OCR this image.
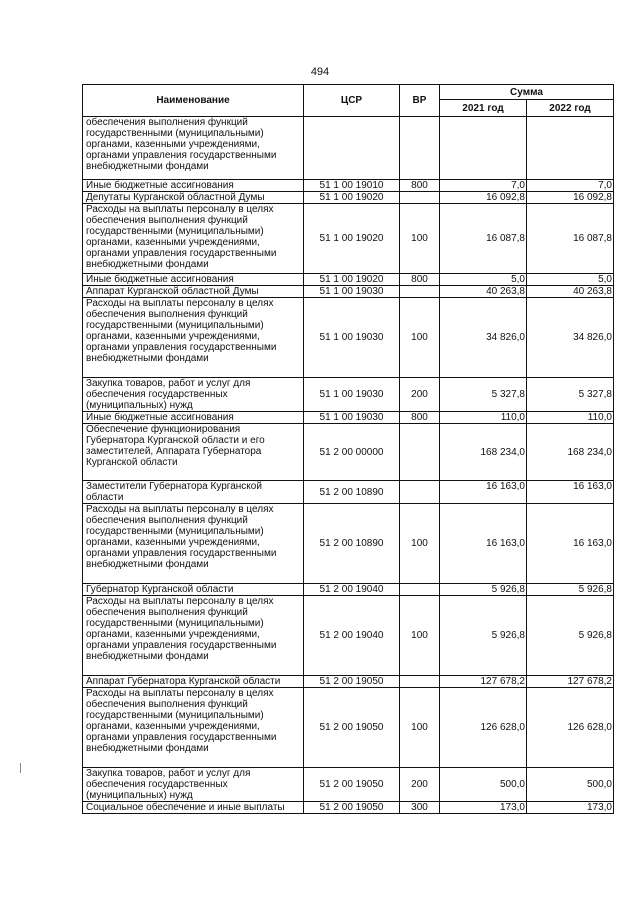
494
Наименование	ЦСР	ВР	Сумма	
			2021 год	2022 год
обеспечения выполнения функций государственными (муниципальными) органами, казенными учреждениями, органами управления государственными внебюджетными фондами				
Иные бюджетные ассигнования	51 1 00 19010	800	7,0	7,0
Депутаты Курганской областной Думы	51 1 00 19020		16 092,8	16 092,8
Расходы на выплаты персоналу в целях обеспечения выполнения функций государственными (муниципальными) органами, казенными учреждениями, органами управления государственными внебюджетными фондами	51 1 00 19020	100	16 087,8	16 087,8
Иные бюджетные ассигнования	51 1 00 19020	800	5,0	5,0
Аппарат Курганской областной Думы	51 1 00 19030		40 263,8	40 263,8
Расходы на выплаты персоналу в целях обеспечения выполнения функций государственными (муниципальными) органами, казенными учреждениями, органами управления государственными внебюджетными фондами	51 1 00 19030	100	34 826,0	34 826,0
Закупка товаров, работ и услуг для обеспечения государственных (муниципальных) нужд	51 1 00 19030	200	5 327,8	5 327,8
Иные бюджетные ассигнования	51 1 00 19030	800	110,0	110,0
Обеспечение функционирования Губернатора Курганской области и его заместителей, Аппарата Губернатора Курганской области	51 2 00 00000		168 234,0	168 234,0
Заместители Губернатора Курганской области	51 2 00 10890		16 163,0	16 163,0
Расходы на выплаты персоналу в целях обеспечения выполнения функций государственными (муниципальными) органами, казенными учреждениями, органами управления государственными внебюджетными фондами	51 2 00 10890	100	16 163,0	16 163,0
Губернатор Курганской области	51 2 00 19040		5 926,8	5 926,8
Расходы на выплаты персоналу в целях обеспечения выполнения функций государственными (муниципальными) органами, казенными учреждениями, органами управления государственными внебюджетными фондами	51 2 00 19040	100	5 926,8	5 926,8
Аппарат Губернатора Курганской области	51 2 00 19050		127 678,2	127 678,2
Расходы на выплаты персоналу в целях обеспечения выполнения функций государственными (муниципальными) органами, казенными учреждениями, органами управления государственными внебюджетными фондами	51 2 00 19050	100	126 628,0	126 628,0
Закупка товаров, работ и услуг для обеспечения государственных (муниципальных) нужд	51 2 00 19050	200	500,0	500,0
Социальное обеспечение и иные выплаты	51 2 00 19050	300	173,0	173,0
